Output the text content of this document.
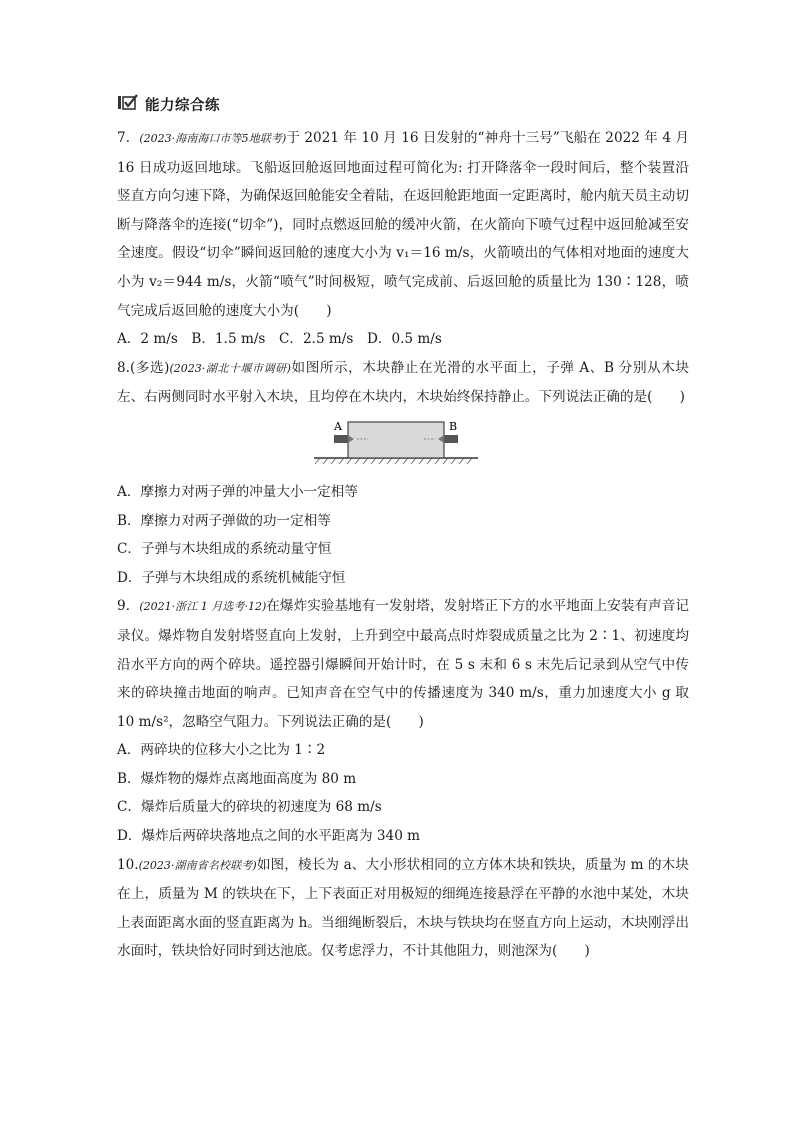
能力综合练

7．(2023·海南海口市等5地联考)于 2021 年 10 月 16 日发射的“神舟十三号”飞船在 2022 年 4 月 16 日成功返回地球。飞船返回舱返回地面过程可简化为: 打开降落伞一段时间后，整个装置沿竖直方向匀速下降，为确保返回舱能安全着陆，在返回舱距地面一定距离时，舱内航天员主动切断与降落伞的连接(“切伞”)，同时点燃返回舱的缓冲火箭，在火箭向下喷气过程中返回舱减至安全速度。假设“切伞”瞬间返回舱的速度大小为 v₁＝16 m/s，火箭喷出的气体相对地面的速度大小为 v₂＝944 m/s，火箭“喷气”时间极短，喷气完成前、后返回舱的质量比为 130∶128，喷气完成后返回舱的速度大小为(　　)

A．2 m/s　B．1.5 m/s　C．2.5 m/s　D．0.5 m/s

8.(多选)(2023·湖北十堰市调研)如图所示，木块静止在光滑的水平面上，子弹 A、B 分别从木块左、右两侧同时水平射入木块，且均停在木块内，木块始终保持静止。下列说法正确的是(　　)

A	B

A．摩擦力对两子弹的冲量大小一定相等

B．摩擦力对两子弹做的功一定相等

C．子弹与木块组成的系统动量守恒

D．子弹与木块组成的系统机械能守恒

9．(2021·浙江 1 月选考·12)在爆炸实验基地有一发射塔，发射塔正下方的水平地面上安装有声音记录仪。爆炸物自发射塔竖直向上发射，上升到空中最高点时炸裂成质量之比为 2∶1、初速度均沿水平方向的两个碎块。遥控器引爆瞬间开始计时，在 5 s 末和 6 s 末先后记录到从空气中传来的碎块撞击地面的响声。已知声音在空气中的传播速度为 340 m/s，重力加速度大小 g 取 10 m/s²，忽略空气阻力。下列说法正确的是(　　)

A．两碎块的位移大小之比为 1∶2

B．爆炸物的爆炸点离地面高度为 80 m

C．爆炸后质量大的碎块的初速度为 68 m/s

D．爆炸后两碎块落地点之间的水平距离为 340 m

10.(2023·湖南省名校联考)如图，棱长为 a、大小形状相同的立方体木块和铁块，质量为 m 的木块在上，质量为 M 的铁块在下，上下表面正对用极短的细绳连接悬浮在平静的水池中某处，木块上表面距离水面的竖直距离为 h。当细绳断裂后，木块与铁块均在竖直方向上运动，木块刚浮出水面时，铁块恰好同时到达池底。仅考虑浮力，不计其他阻力，则池深为(　　)
